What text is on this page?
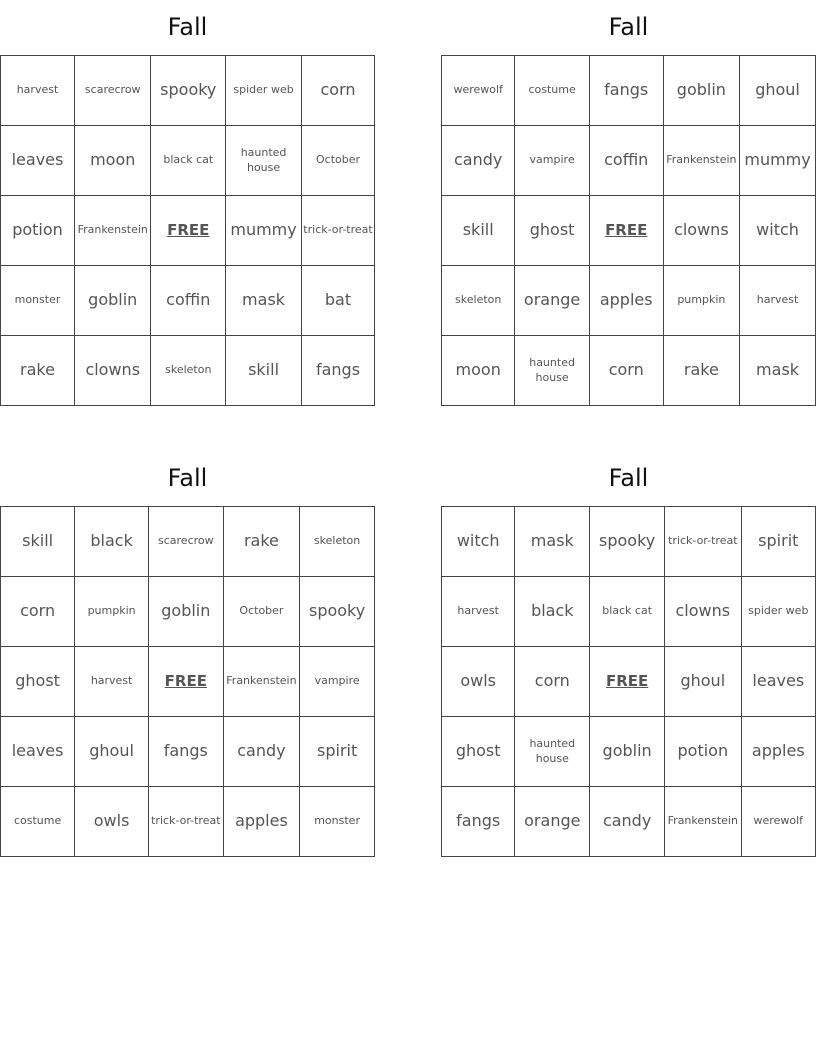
Fall
harvest	scarecrow	spooky	spider web	corn
leaves	moon	black cat	haunted house	October
potion	Frankenstein	FREE	mummy	trick-or-treat
monster	goblin	coffin	mask	bat
rake	clowns	skeleton	skill	fangs
Fall
werewolf	costume	fangs	goblin	ghoul
candy	vampire	coffin	Frankenstein	mummy
skill	ghost	FREE	clowns	witch
skeleton	orange	apples	pumpkin	harvest
moon	haunted house	corn	rake	mask
Fall
skill	black	scarecrow	rake	skeleton
corn	pumpkin	goblin	October	spooky
ghost	harvest	FREE	Frankenstein	vampire
leaves	ghoul	fangs	candy	spirit
costume	owls	trick-or-treat	apples	monster
Fall
witch	mask	spooky	trick-or-treat	spirit
harvest	black	black cat	clowns	spider web
owls	corn	FREE	ghoul	leaves
ghost	haunted house	goblin	potion	apples
fangs	orange	candy	Frankenstein	werewolf
